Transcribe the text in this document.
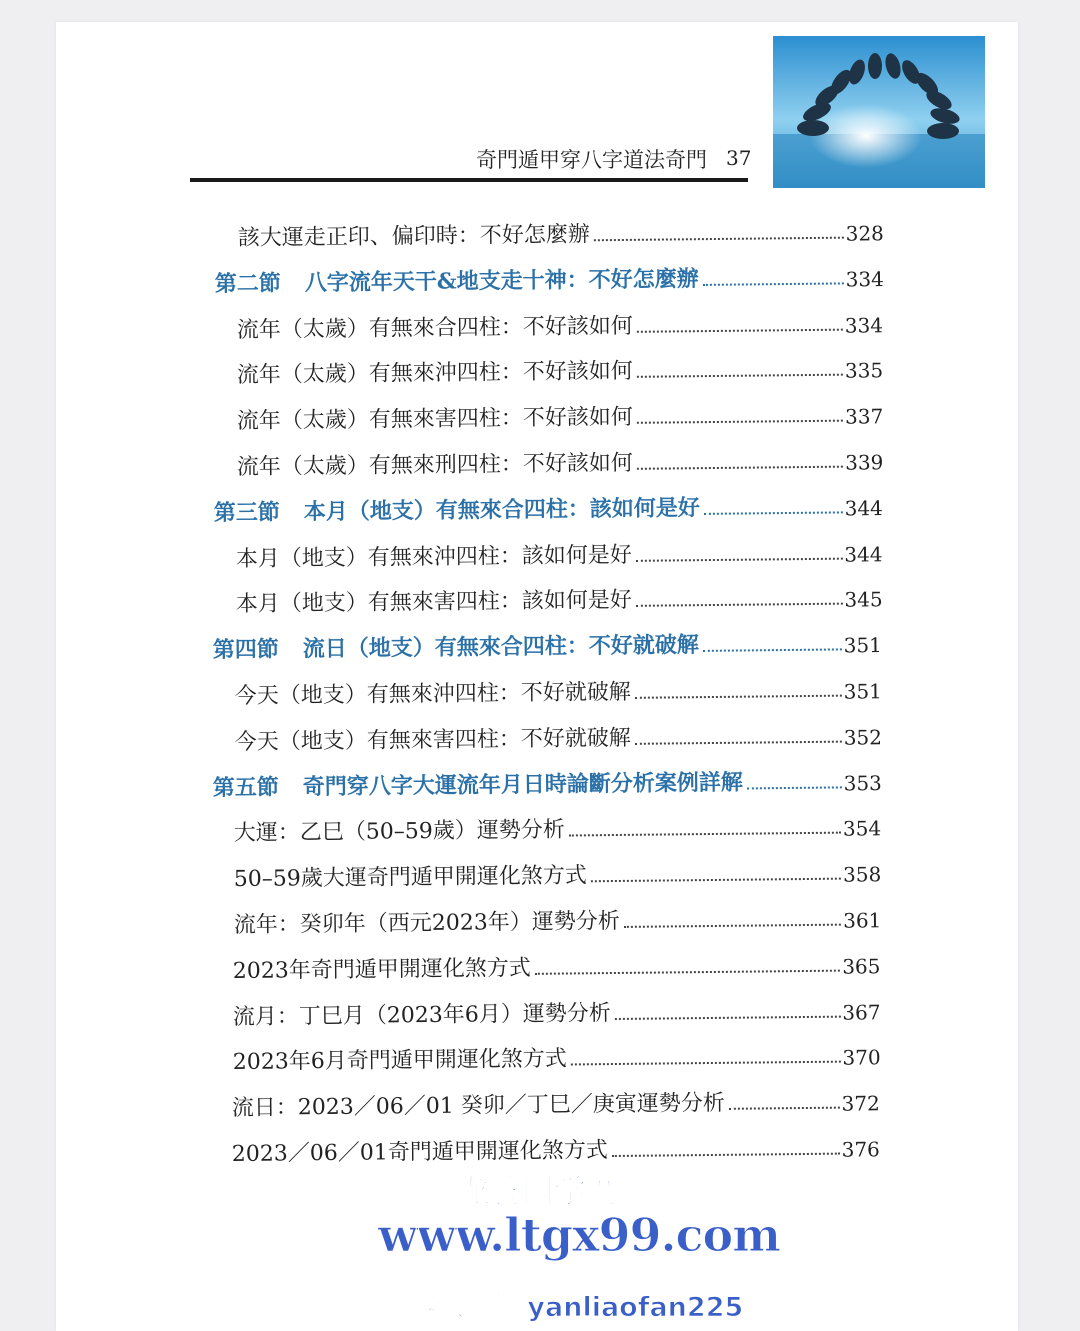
奇門遁甲穿八字道法奇門 37
該大運走正印、偏印時：不好怎麼辦	328
第二節 八字流年天干&地支走十神：不好怎麼辦	334
流年（太歲）有無來合四柱：不好該如何	334
流年（太歲）有無來沖四柱：不好該如何	335
流年（太歲）有無來害四柱：不好該如何	337
流年（太歲）有無來刑四柱：不好該如何	339
第三節 本月（地支）有無來合四柱：該如何是好	344
本月（地支）有無來沖四柱：該如何是好	344
本月（地支）有無來害四柱：該如何是好	345
第四節 流日（地支）有無來合四柱：不好就破解	351
今天（地支）有無來沖四柱：不好就破解	351
今天（地支）有無來害四柱：不好就破解	352
第五節 奇門穿八字大運流年月日時論斷分析案例詳解	353
大運：乙巳（50–59歲）運勢分析	354
50–59歲大運奇門遁甲開運化煞方式	358
流年：癸卯年（西元2023年）運勢分析	361
2023年奇門遁甲開運化煞方式	365
流月：丁巳月（2023年6月）運勢分析	367
2023年6月奇門遁甲開運化煞方式	370
流日：2023／06／01 癸卯／丁巳／庚寅運勢分析	372
2023／06／01奇門遁甲開運化煞方式	376
龙腾国学网
www.ltgx99.com
客服微信 yanliaofan225
